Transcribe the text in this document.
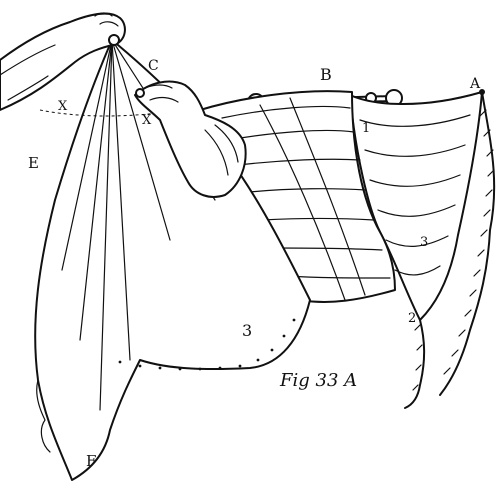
A
B
C
E
F
X
X
1
2
3
3
Fig 33 A
